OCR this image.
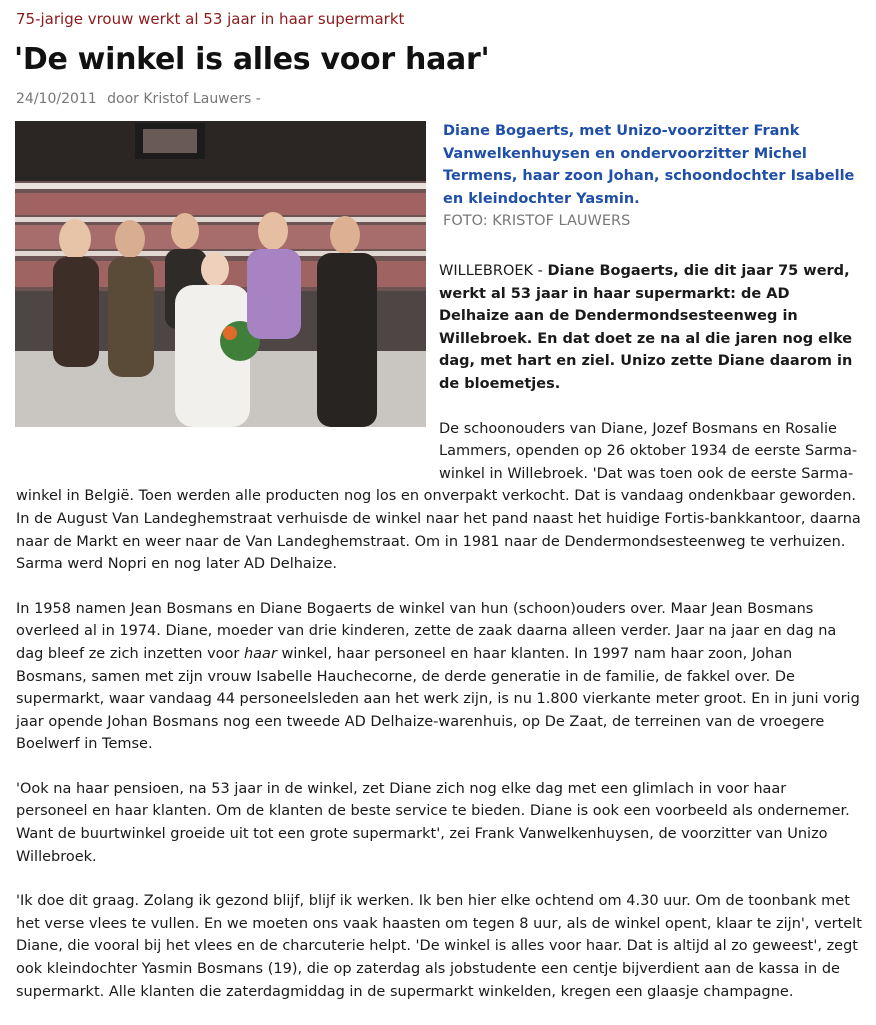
75-jarige vrouw werkt al 53 jaar in haar supermarkt
'De winkel is alles voor haar'
24/10/2011 door Kristof Lauwers -
Diane Bogaerts, met Unizo-voorzitter Frank Vanwelkenhuysen en ondervoorzitter Michel Termens, haar zoon Johan, schoondochter Isabelle en kleindochter Yasmin.
FOTO: KRISTOF LAUWERS
WILLEBROEK - Diane Bogaerts, die dit jaar 75 werd, werkt al 53 jaar in haar supermarkt: de AD Delhaize aan de Dendermondsesteenweg in Willebroek. En dat doet ze na al die jaren nog elke dag, met hart en ziel. Unizo zette Diane daarom in de bloemetjes.
De schoonouders van Diane, Jozef Bosmans en Rosalie Lammers, openden op 26 oktober 1934 de eerste Sarma-winkel in Willebroek. 'Dat was toen ook de eerste Sarma-winkel in België. Toen werden alle producten nog los en onverpakt verkocht. Dat is vandaag ondenkbaar geworden. In de August Van Landeghemstraat verhuisde de winkel naar het pand naast het huidige Fortis-bankkantoor, daarna naar de Markt en weer naar de Van Landeghemstraat. Om in 1981 naar de Dendermondsesteenweg te verhuizen. Sarma werd Nopri en nog later AD Delhaize.
In 1958 namen Jean Bosmans en Diane Bogaerts de winkel van hun (schoon)ouders over. Maar Jean Bosmans overleed al in 1974. Diane, moeder van drie kinderen, zette de zaak daarna alleen verder. Jaar na jaar en dag na dag bleef ze zich inzetten voor haar winkel, haar personeel en haar klanten. In 1997 nam haar zoon, Johan Bosmans, samen met zijn vrouw Isabelle Hauchecorne, de derde generatie in de familie, de fakkel over. De supermarkt, waar vandaag 44 personeelsleden aan het werk zijn, is nu 1.800 vierkante meter groot. En in juni vorig jaar opende Johan Bosmans nog een tweede AD Delhaize-warenhuis, op De Zaat, de terreinen van de vroegere Boelwerf in Temse.
'Ook na haar pensioen, na 53 jaar in de winkel, zet Diane zich nog elke dag met een glimlach in voor haar personeel en haar klanten. Om de klanten de beste service te bieden. Diane is ook een voorbeeld als ondernemer. Want de buurtwinkel groeide uit tot een grote supermarkt', zei Frank Vanwelkenhuysen, de voorzitter van Unizo Willebroek.
'Ik doe dit graag. Zolang ik gezond blijf, blijf ik werken. Ik ben hier elke ochtend om 4.30 uur. Om de toonbank met het verse vlees te vullen. En we moeten ons vaak haasten om tegen 8 uur, als de winkel opent, klaar te zijn', vertelt Diane, die vooral bij het vlees en de charcuterie helpt. 'De winkel is alles voor haar. Dat is altijd al zo geweest', zegt ook kleindochter Yasmin Bosmans (19), die op zaterdag als jobstudente een centje bijverdient aan de kassa in de supermarkt. Alle klanten die zaterdagmiddag in de supermarkt winkelden, kregen een glaasje champagne.
